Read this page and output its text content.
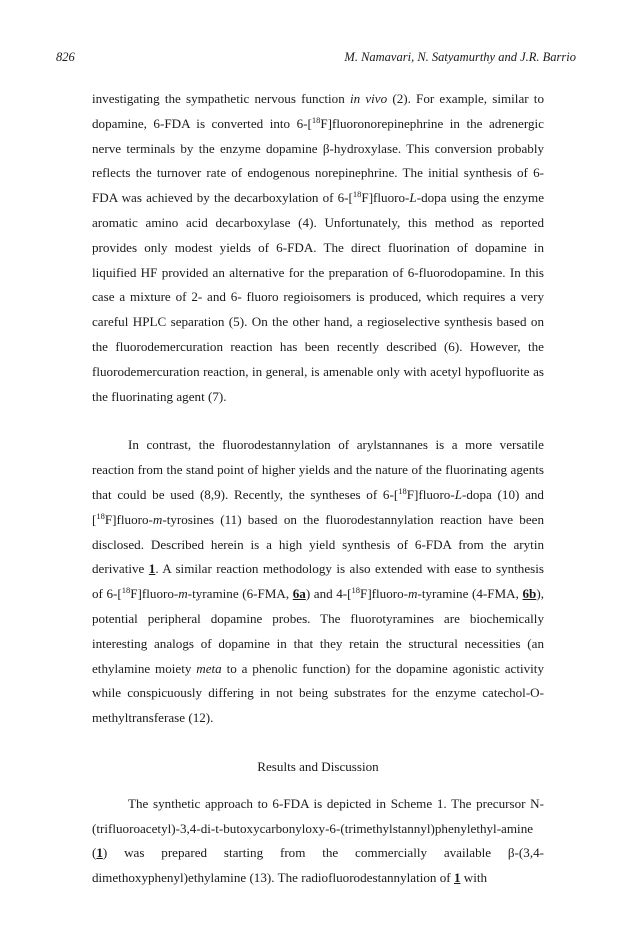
826	M. Namavari, N. Satyamurthy and J.R. Barrio

investigating the sympathetic nervous function in vivo (2). For example, similar to dopamine, 6-FDA is converted into 6-[$^{18}$F]fluoronorepinephrine in the adrenergic nerve terminals by the enzyme dopamine β-hydroxylase. This conversion probably reflects the turnover rate of endogenous norepinephrine. The initial synthesis of 6-FDA was achieved by the decarboxylation of 6-[$^{18}$F]fluoro-L-dopa using the enzyme aromatic amino acid decarboxylase (4). Unfortunately, this method as reported provides only modest yields of 6-FDA. The direct fluorination of dopamine in liquified HF provided an alternative for the preparation of 6-fluorodopamine. In this case a mixture of 2- and 6- fluoro regioisomers is produced, which requires a very careful HPLC separation (5). On the other hand, a regioselective synthesis based on the fluorodemercuration reaction has been recently described (6). However, the fluorodemercuration reaction, in general, is amenable only with acetyl hypofluorite as the fluorinating agent (7).

In contrast, the fluorodestannylation of arylstannanes is a more versatile reaction from the stand point of higher yields and the nature of the fluorinating agents that could be used (8,9). Recently, the syntheses of 6-[$^{18}$F]fluoro-L-dopa (10) and [$^{18}$F]fluoro-m-tyrosines (11) based on the fluorodestannylation reaction have been disclosed. Described herein is a high yield synthesis of 6-FDA from the arytin derivative 1. A similar reaction methodology is also extended with ease to synthesis of 6-[$^{18}$F]fluoro-m-tyramine (6-FMA, 6a) and 4-[$^{18}$F]fluoro-m-tyramine (4-FMA, 6b), potential peripheral dopamine probes. The fluorotyramines are biochemically interesting analogs of dopamine in that they retain the structural necessities (an ethylamine moiety meta to a phenolic function) for the dopamine agonistic activity while conspicuously differing in not being substrates for the enzyme catechol-O-methyltransferase (12).

Results and Discussion

The synthetic approach to 6-FDA is depicted in Scheme 1. The precursor N-(trifluoroacetyl)-3,4-di-t-butoxycarbonyloxy-6-(trimethylstannyl)phenylethyl-amine (1) was prepared starting from the commercially available β-(3,4-dimethoxyphenyl)ethylamine (13). The radiofluorodestannylation of 1 with
